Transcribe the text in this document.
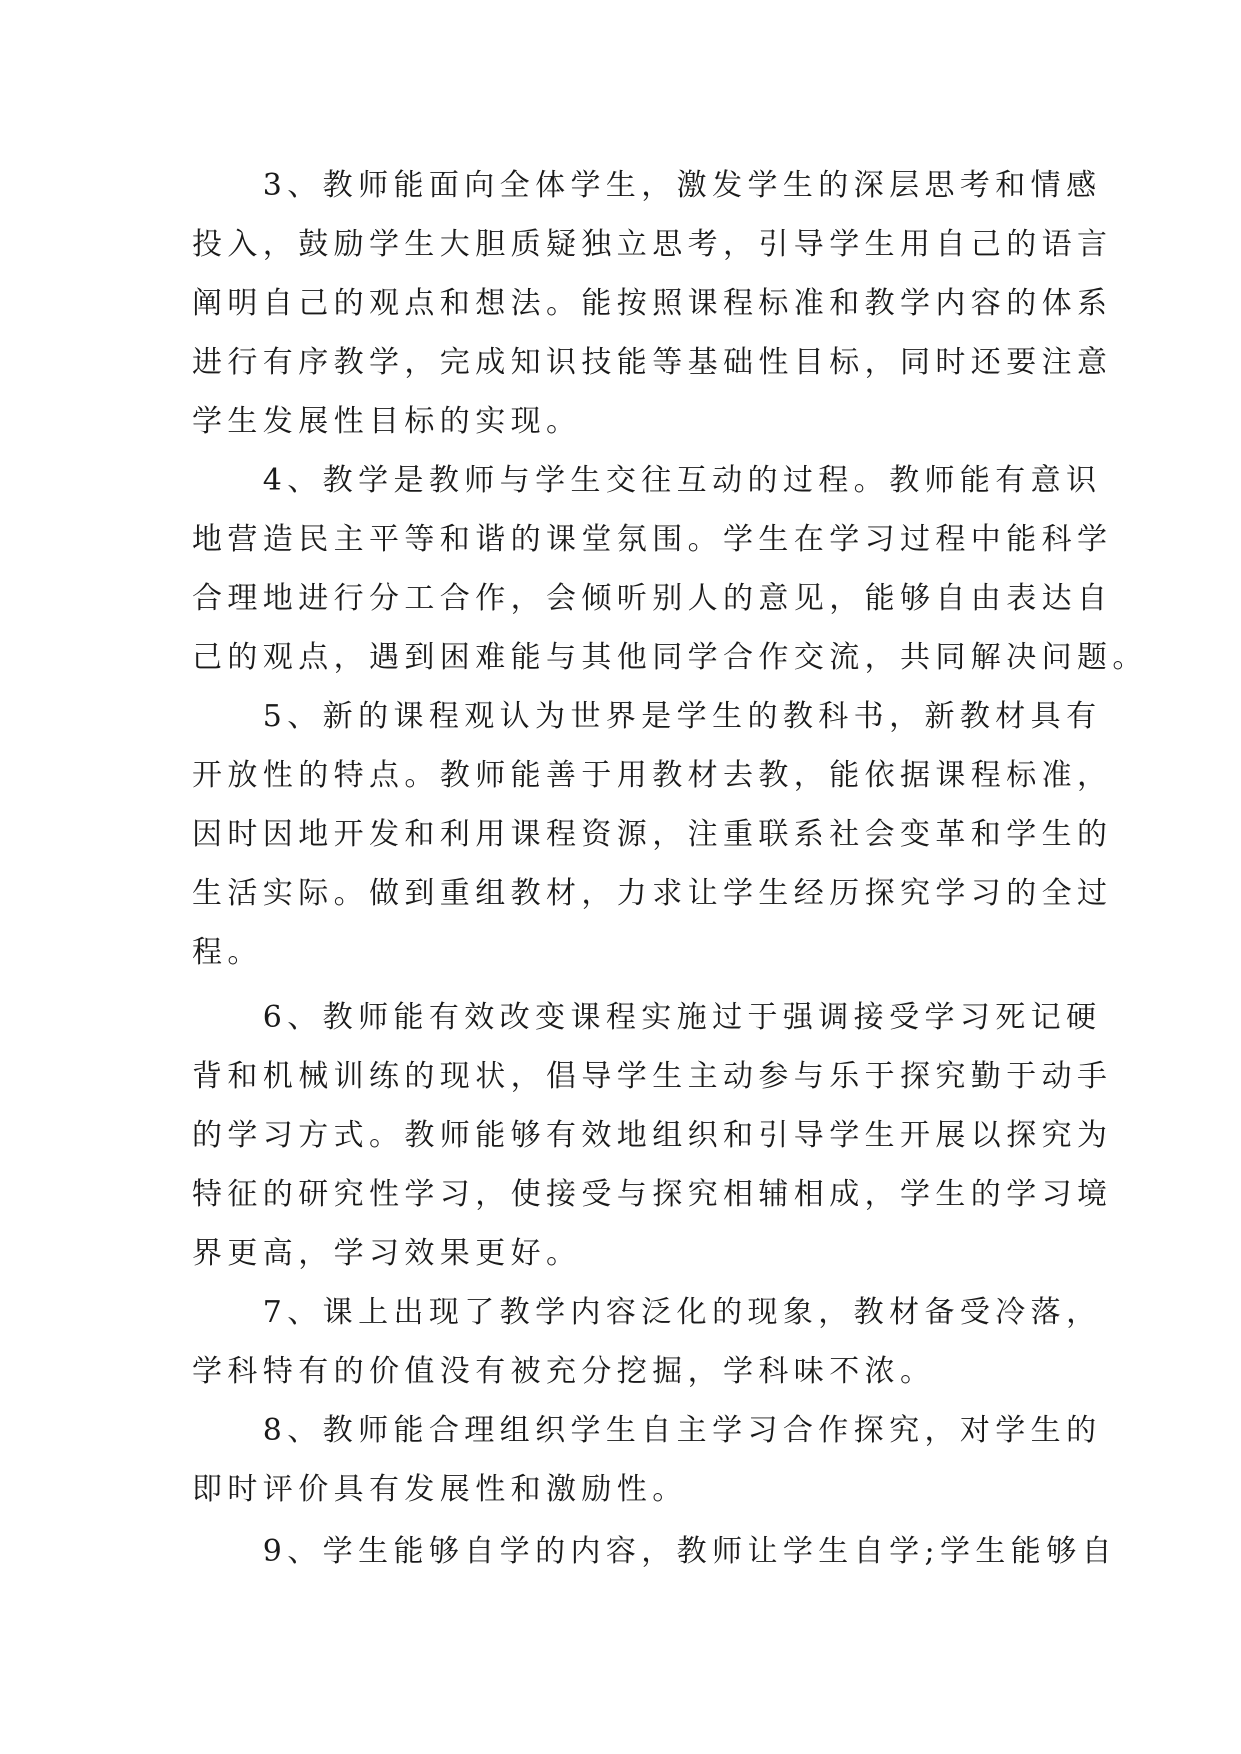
　　3、教师能面向全体学生，激发学生的深层思考和情感
投入，鼓励学生大胆质疑独立思考，引导学生用自己的语言
阐明自己的观点和想法。能按照课程标准和教学内容的体系
进行有序教学，完成知识技能等基础性目标，同时还要注意
学生发展性目标的实现。
　　4、教学是教师与学生交往互动的过程。教师能有意识
地营造民主平等和谐的课堂氛围。学生在学习过程中能科学
合理地进行分工合作，会倾听别人的意见，能够自由表达自
己的观点，遇到困难能与其他同学合作交流，共同解决问题。
　　5、新的课程观认为世界是学生的教科书，新教材具有
开放性的特点。教师能善于用教材去教，能依据课程标准，
因时因地开发和利用课程资源，注重联系社会变革和学生的
生活实际。做到重组教材，力求让学生经历探究学习的全过
程。
　　6、教师能有效改变课程实施过于强调接受学习死记硬
背和机械训练的现状，倡导学生主动参与乐于探究勤于动手
的学习方式。教师能够有效地组织和引导学生开展以探究为
特征的研究性学习，使接受与探究相辅相成，学生的学习境
界更高，学习效果更好。
　　7、课上出现了教学内容泛化的现象，教材备受冷落，
学科特有的价值没有被充分挖掘，学科味不浓。
　　8、教师能合理组织学生自主学习合作探究，对学生的
即时评价具有发展性和激励性。
　　9、学生能够自学的内容，教师让学生自学;学生能够自
